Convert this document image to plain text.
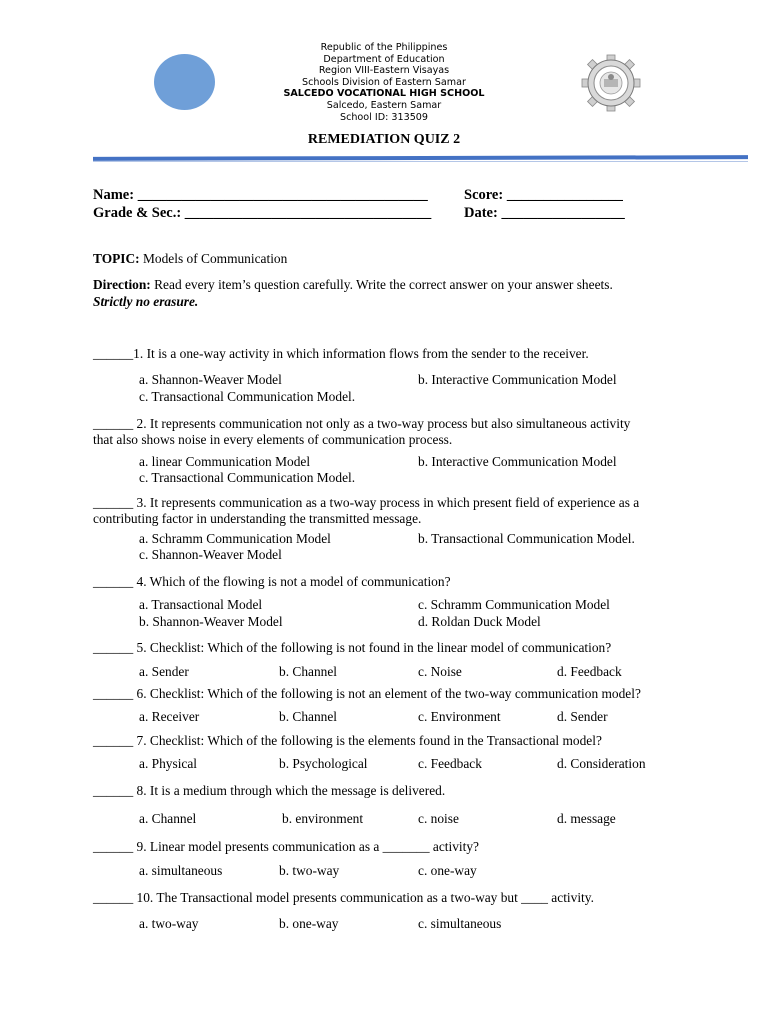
Republic of the Philippines
Department of Education
Region VIII-Eastern Visayas
Schools Division of Eastern Samar
SALCEDO VOCATIONAL HIGH SCHOOL
Salcedo, Eastern Samar
School ID: 313509
REMEDIATION QUIZ 2
Name: ________________________________________	Score: ________________
Grade & Sec.: __________________________________ Date: _________________
TOPIC: Models of Communication
Direction: Read every item’s question carefully. Write the correct answer on your answer sheets.
Strictly no erasure.
______1. It is a one-way activity in which information flows from the sender to the receiver.
a. Shannon-Weaver Model	b. Interactive Communication Model
c. Transactional Communication Model.
______ 2. It represents communication not only as a two-way process but also simultaneous activity
that also shows noise in every elements of communication process.
a. linear Communication Model	b. Interactive Communication Model
c. Transactional Communication Model.
______ 3. It represents communication as a two-way process in which present field of experience as a
contributing factor in understanding the transmitted message.
a. Schramm Communication Model	b. Transactional Communication Model.
c. Shannon-Weaver Model
______ 4. Which of the flowing is not a model of communication?
a. Transactional Model	c. Schramm Communication Model
b. Shannon-Weaver Model	d. Roldan Duck Model
______ 5. Checklist: Which of the following is not found in the linear model of communication?
a. Sender	b. Channel	c. Noise	d. Feedback
______ 6. Checklist: Which of the following is not an element of the two-way communication model?
a. Receiver	b. Channel	c. Environment	d. Sender
______ 7. Checklist: Which of the following is the elements found in the Transactional model?
a. Physical	b. Psychological	c. Feedback	d. Consideration
______ 8. It is a medium through which the message is delivered.
a. Channel	b. environment	c. noise	d. message
______ 9. Linear model presents communication as a _______ activity?
a. simultaneous	b. two-way	c. one-way
______ 10. The Transactional model presents communication as a two-way but ____ activity.
a. two-way	b. one-way	c. simultaneous
